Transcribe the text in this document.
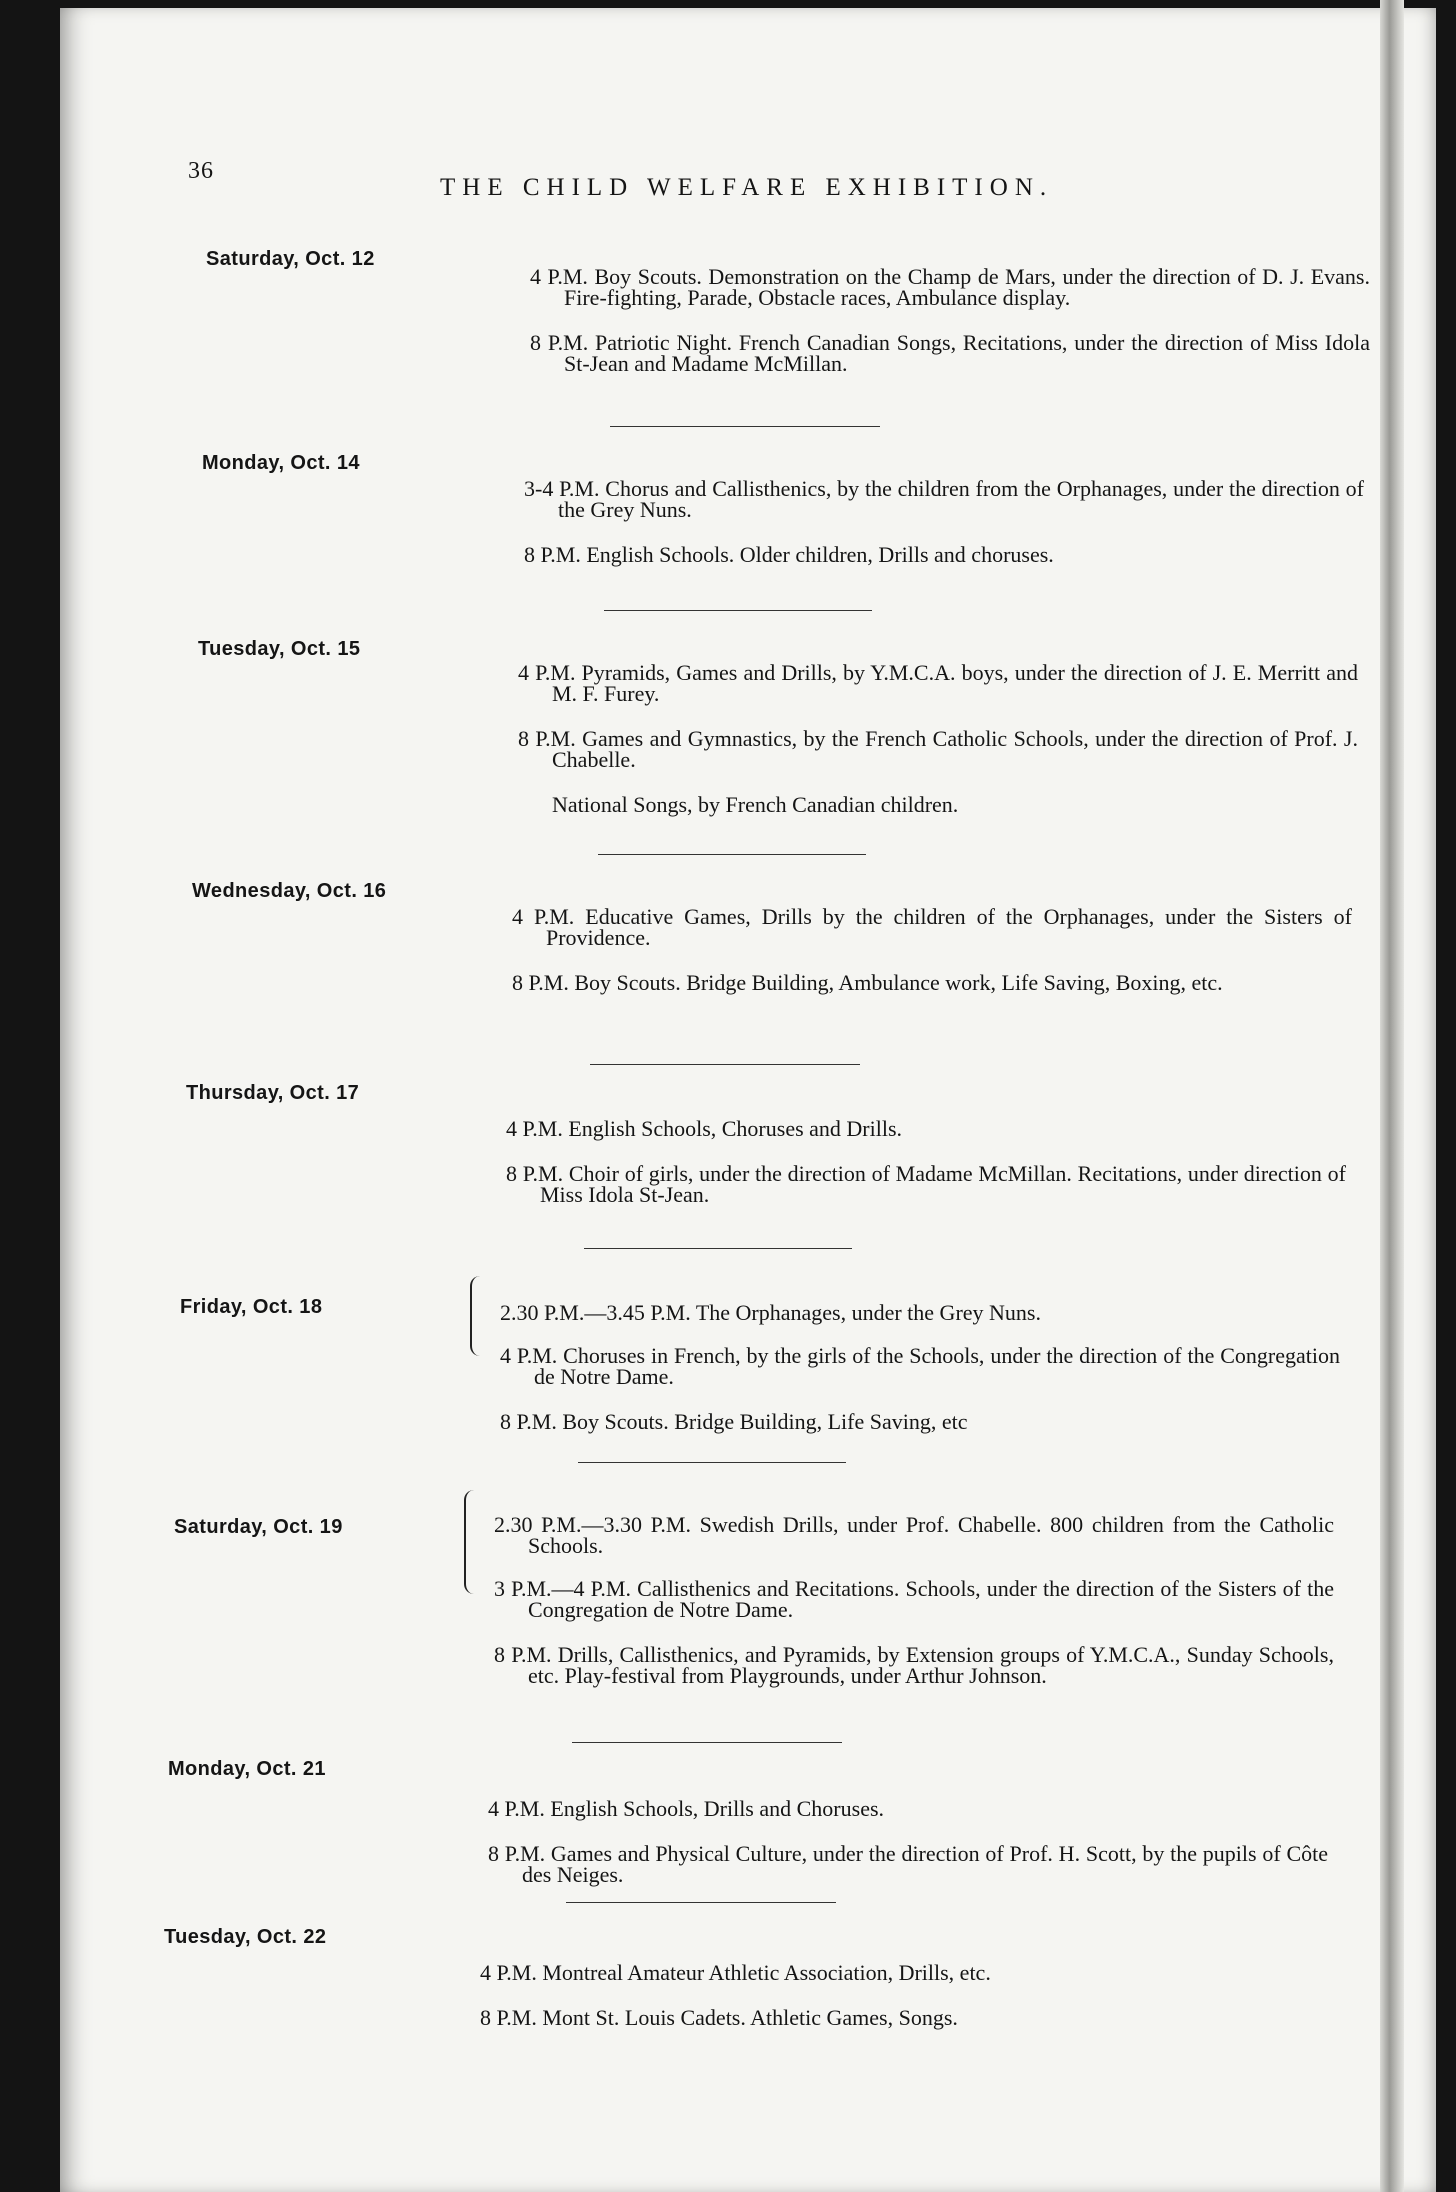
36
THE CHILD WELFARE EXHIBITION.
Saturday, Oct. 12

4 P.M. Boy Scouts. Demonstration on the Champ de Mars, under the direction of D. J. Evans. Fire-fighting, Parade, Obstacle races, Ambulance display.

8 P.M. Patriotic Night. French Canadian Songs, Recitations, under the direction of Miss Idola St-Jean and Madame McMillan.

Monday, Oct. 14

3-4 P.M. Chorus and Callisthenics, by the children from the Orphanages, under the direction of the Grey Nuns.

8 P.M. English Schools. Older children, Drills and choruses.

Tuesday, Oct. 15

4 P.M. Pyramids, Games and Drills, by Y.M.C.A. boys, under the direction of J. E. Merritt and M. F. Furey.

8 P.M. Games and Gymnastics, by the French Catholic Schools, under the direction of Prof. J. Chabelle.

National Songs, by French Canadian children.

Wednesday, Oct. 16

4 P.M. Educative Games, Drills by the children of the Orphanages, under the Sisters of Providence.

8 P.M. Boy Scouts. Bridge Building, Ambulance work, Life Saving, Boxing, etc.

Thursday, Oct. 17

4 P.M. English Schools, Choruses and Drills.

8 P.M. Choir of girls, under the direction of Madame McMillan. Recitations, under direction of Miss Idola St-Jean.

Friday, Oct. 18	2.30 P.M.—3.45 P.M. The Orphanages, under the Grey Nuns.

4 P.M. Choruses in French, by the girls of the Schools, under the direction of the Congregation de Notre Dame.

8 P.M. Boy Scouts. Bridge Building, Life Saving, etc

Saturday, Oct. 19	2.30 P.M.—3.30 P.M. Swedish Drills, under Prof. Chabelle. 800 children from the Catholic Schools.

3 P.M.—4 P.M. Callisthenics and Recitations. Schools, under the direction of the Sisters of the Congregation de Notre Dame.

8 P.M. Drills, Callisthenics, and Pyramids, by Extension groups of Y.M.C.A., Sunday Schools, etc. Play-festival from Playgrounds, under Arthur Johnson.

Monday, Oct. 21

4 P.M. English Schools, Drills and Choruses.

8 P.M. Games and Physical Culture, under the direction of Prof. H. Scott, by the pupils of Côte des Neiges.

Tuesday, Oct. 22

4 P.M. Montreal Amateur Athletic Association, Drills, etc.

8 P.M. Mont St. Louis Cadets. Athletic Games, Songs.
